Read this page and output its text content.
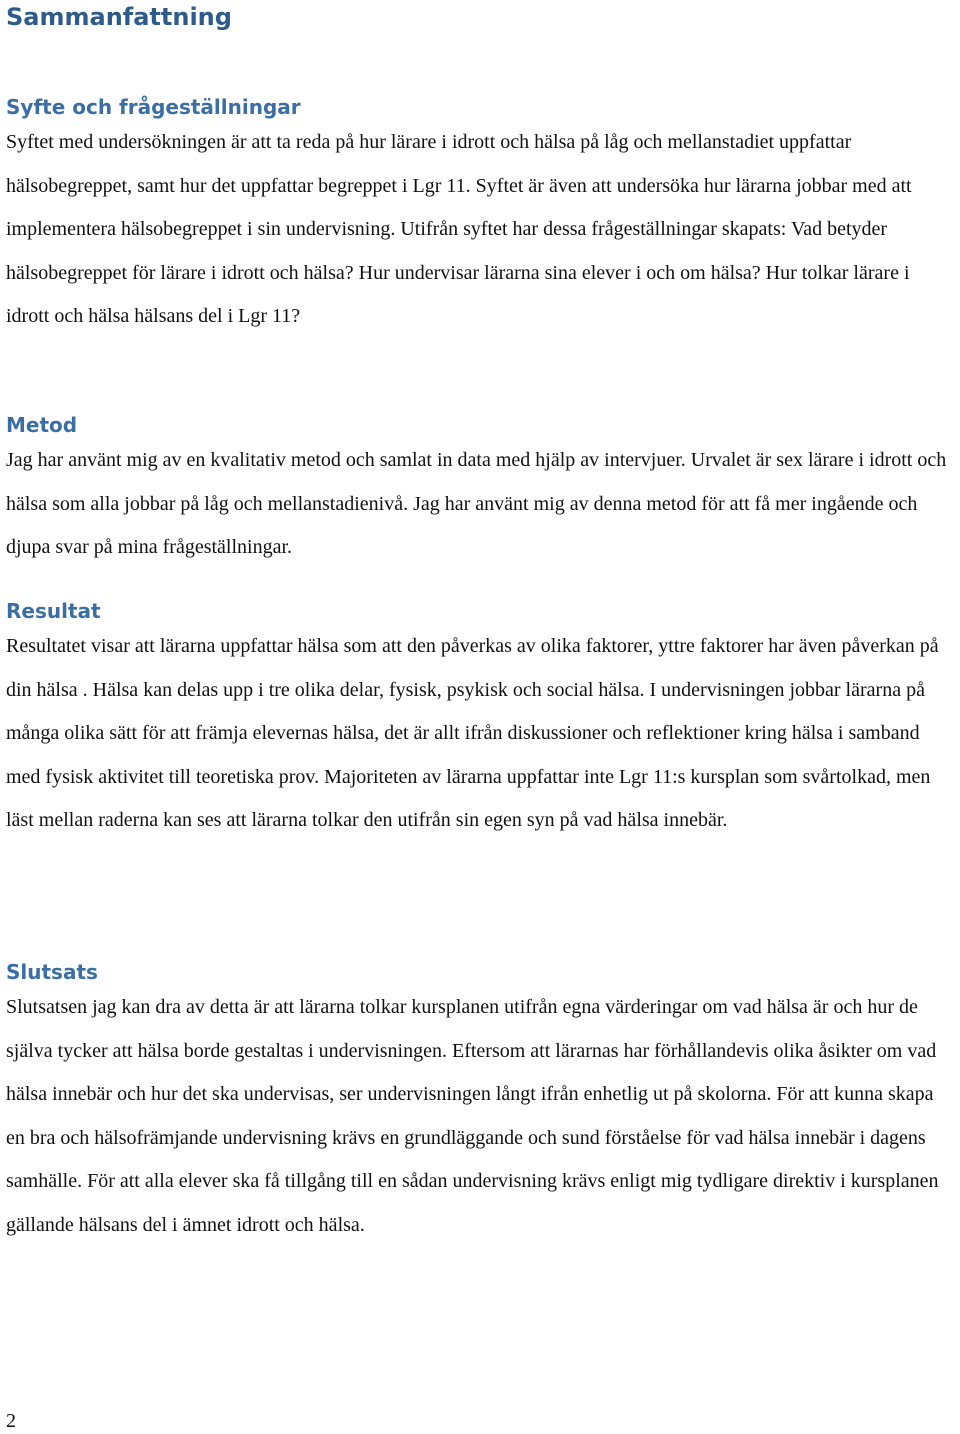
Sammanfattning
Syfte och frågeställningar

Syftet med undersökningen är att ta reda på hur lärare i idrott och hälsa på låg och mellanstadiet uppfattar hälsobegreppet, samt hur det uppfattar begreppet i Lgr 11. Syftet är även att undersöka hur lärarna jobbar med att implementera hälsobegreppet i sin undervisning. Utifrån syftet har dessa frågeställningar skapats: Vad betyder hälsobegreppet för lärare i idrott och hälsa? Hur undervisar lärarna sina elever i och om hälsa? Hur tolkar lärare i idrott och hälsa hälsans del i Lgr 11?

Metod

Jag har använt mig av en kvalitativ metod och samlat in data med hjälp av intervjuer. Urvalet är sex lärare i idrott och hälsa som alla jobbar på låg och mellanstadienivå. Jag har använt mig av denna metod för att få mer ingående och djupa svar på mina frågeställningar.

Resultat

Resultatet visar att lärarna uppfattar hälsa som att den påverkas av olika faktorer, yttre faktorer har även påverkan på din hälsa . Hälsa kan delas upp i tre olika delar, fysisk, psykisk och social hälsa. I undervisningen jobbar lärarna på många olika sätt för att främja elevernas hälsa, det är allt ifrån diskussioner och reflektioner kring hälsa i samband med fysisk aktivitet till teoretiska prov. Majoriteten av lärarna uppfattar inte Lgr 11:s kursplan som svårtolkad, men läst mellan raderna kan ses att lärarna tolkar den utifrån sin egen syn på vad hälsa innebär.

Slutsats

Slutsatsen jag kan dra av detta är att lärarna tolkar kursplanen utifrån egna värderingar om vad hälsa är och hur de själva tycker att hälsa borde gestaltas i undervisningen. Eftersom att lärarnas har förhållandevis olika åsikter om vad hälsa innebär och hur det ska undervisas, ser undervisningen långt ifrån enhetlig ut på skolorna. För att kunna skapa en bra och hälsofrämjande undervisning krävs en grundläggande och sund förståelse för vad hälsa innebär i dagens samhälle. För att alla elever ska få tillgång till en sådan undervisning krävs enligt mig tydligare direktiv i kursplanen gällande hälsans del i ämnet idrott och hälsa.

2
